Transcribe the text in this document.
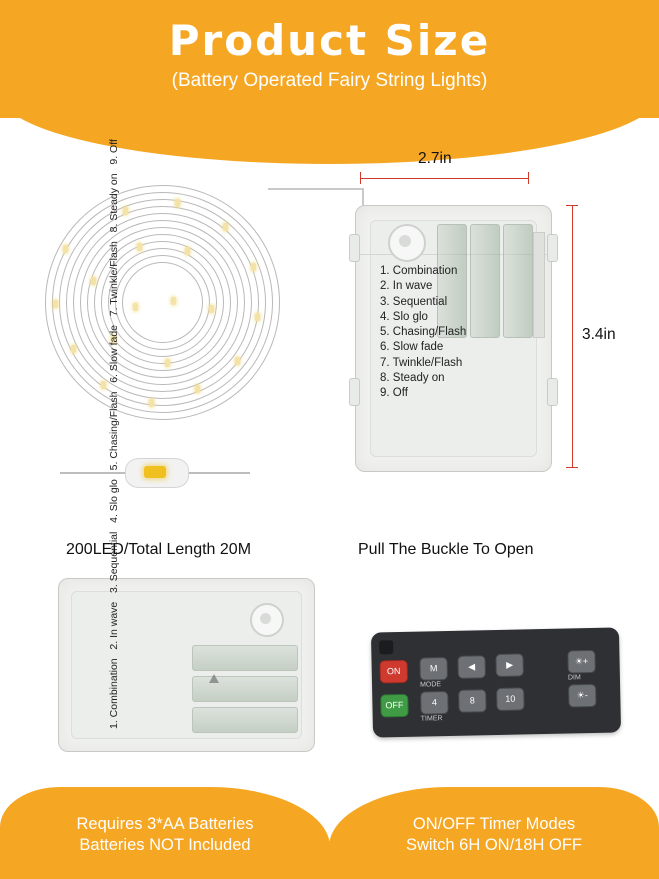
Product Size
(Battery Operated Fairy String Lights)
2.7in
3.4in
1. Combination
2. In wave
3. Sequential
4. Slo glo
5. Chasing/Flash
6. Slow fade
7. Twinkle/Flash
8. Steady on
9. Off
200LED/Total Length 20M	Pull The Buckle To Open
1. Combination   2. In wave   3. Sequential   4. Slo glo   5. Chasing/Flash   6. Slow fade   7. Twinkle/Flash   8. Steady on   9. Off
ON	M	◀	▶	☀+
OFF	4	8	10	☀-
MODE
TIMER
DIM
Requires 3*AA Batteries
Batteries NOT Included
ON/OFF Timer Modes
Switch 6H ON/18H OFF
